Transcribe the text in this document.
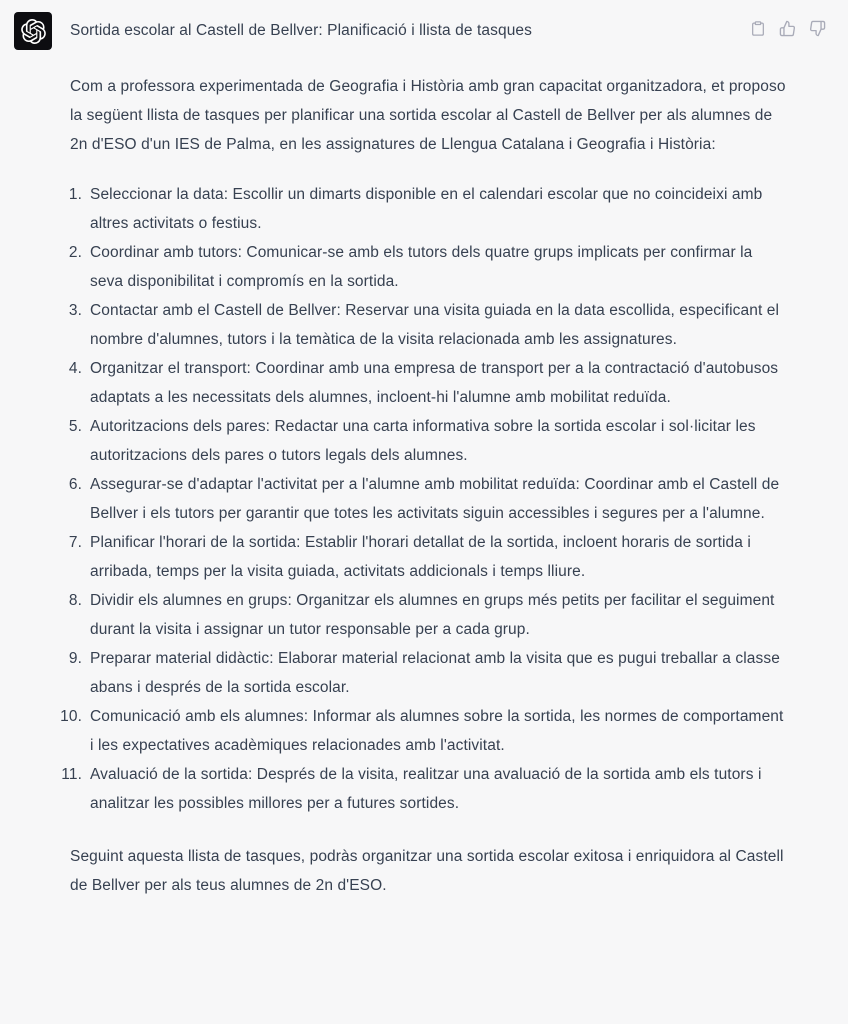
Sortida escolar al Castell de Bellver: Planificació i llista de tasques

Com a professora experimentada de Geografia i Història amb gran capacitat organitzadora, et proposo la següent llista de tasques per planificar una sortida escolar al Castell de Bellver per als alumnes de 2n d'ESO d'un IES de Palma, en les assignatures de Llengua Catalana i Geografia i Història:

Seleccionar la data: Escollir un dimarts disponible en el calendari escolar que no coincideixi amb altres activitats o festius.
Coordinar amb tutors: Comunicar-se amb els tutors dels quatre grups implicats per confirmar la seva disponibilitat i compromís en la sortida.
Contactar amb el Castell de Bellver: Reservar una visita guiada en la data escollida, especificant el nombre d'alumnes, tutors i la temàtica de la visita relacionada amb les assignatures.
Organitzar el transport: Coordinar amb una empresa de transport per a la contractació d'autobusos adaptats a les necessitats dels alumnes, incloent-hi l'alumne amb mobilitat reduïda.
Autoritzacions dels pares: Redactar una carta informativa sobre la sortida escolar i sol·licitar les autoritzacions dels pares o tutors legals dels alumnes.
Assegurar-se d'adaptar l'activitat per a l'alumne amb mobilitat reduïda: Coordinar amb el Castell de Bellver i els tutors per garantir que totes les activitats siguin accessibles i segures per a l'alumne.
Planificar l'horari de la sortida: Establir l'horari detallat de la sortida, incloent horaris de sortida i arribada, temps per la visita guiada, activitats addicionals i temps lliure.
Dividir els alumnes en grups: Organitzar els alumnes en grups més petits per facilitar el seguiment durant la visita i assignar un tutor responsable per a cada grup.
Preparar material didàctic: Elaborar material relacionat amb la visita que es pugui treballar a classe abans i després de la sortida escolar.
Comunicació amb els alumnes: Informar als alumnes sobre la sortida, les normes de comportament i les expectatives acadèmiques relacionades amb l'activitat.
Avaluació de la sortida: Després de la visita, realitzar una avaluació de la sortida amb els tutors i analitzar les possibles millores per a futures sortides.

Seguint aquesta llista de tasques, podràs organitzar una sortida escolar exitosa i enriquidora al Castell de Bellver per als teus alumnes de 2n d'ESO.
